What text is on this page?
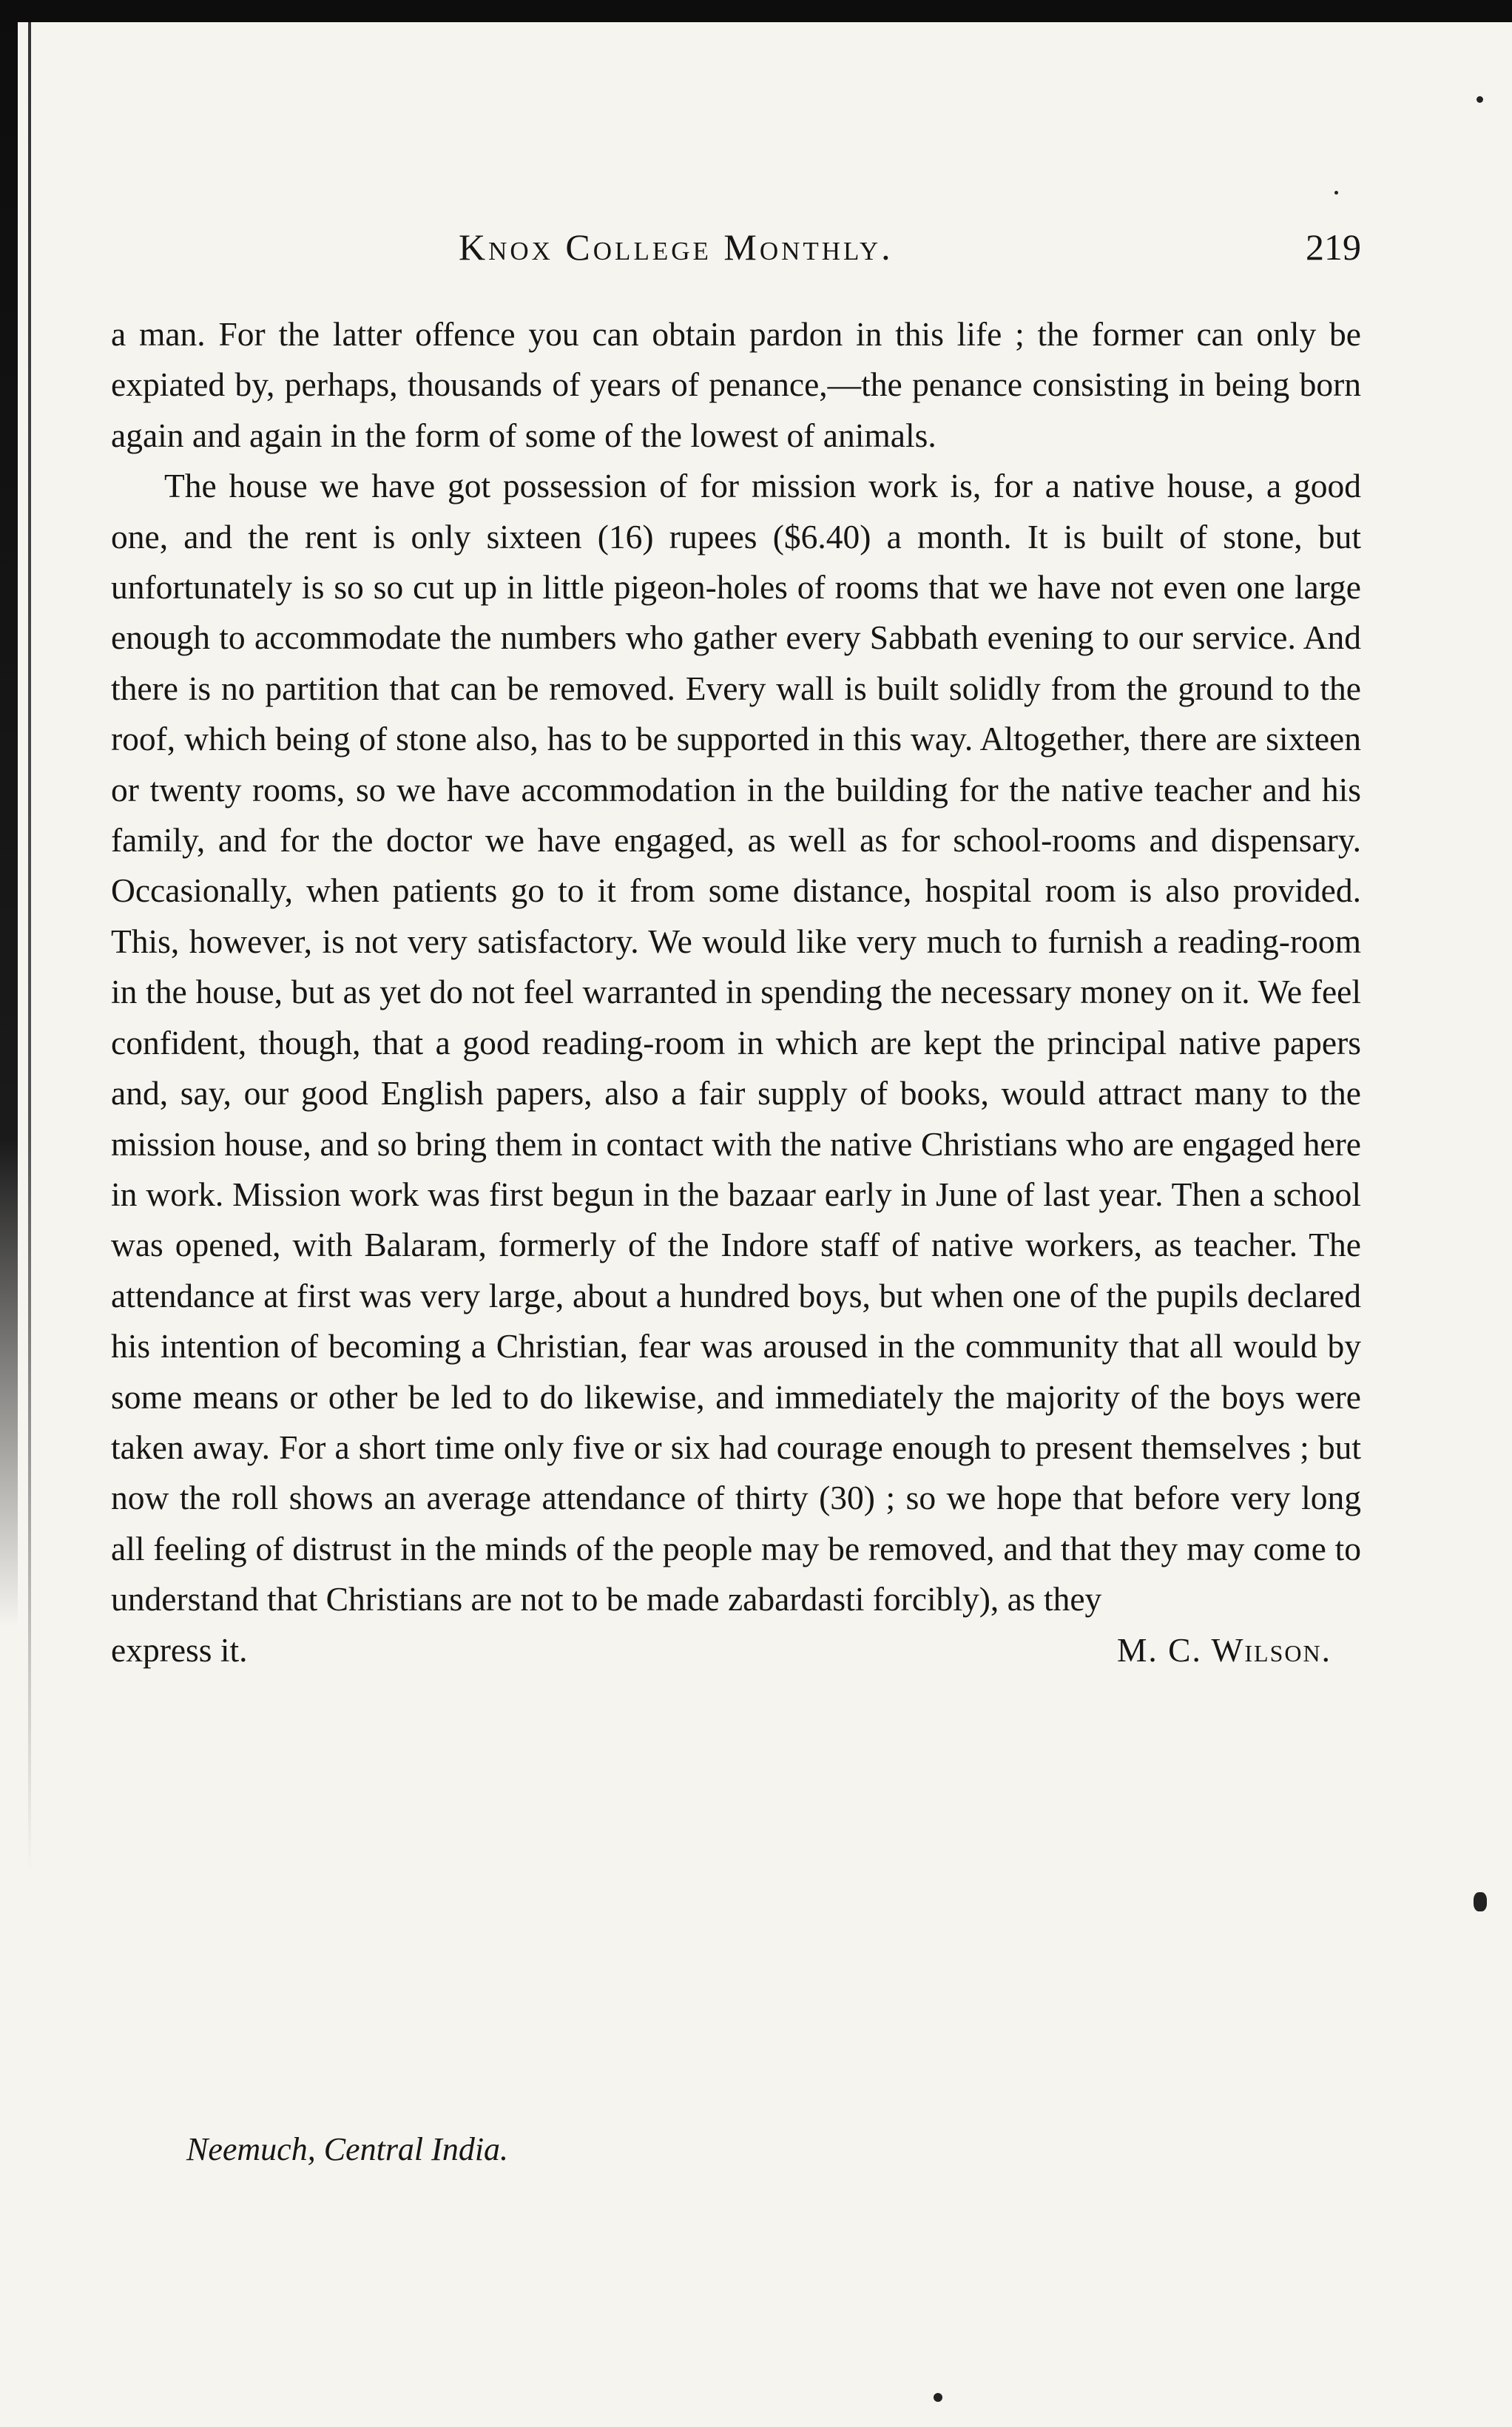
Knox College Monthly.	219

a man. For the latter offence you can obtain pardon in this life ; the former can only be expiated by, perhaps, thousands of years of penance,—the penance consisting in being born again and again in the form of some of the lowest of animals.

The house we have got possession of for mission work is, for a native house, a good one, and the rent is only sixteen (16) rupees ($6.40) a month. It is built of stone, but unfortunately is so so cut up in little pigeon-holes of rooms that we have not even one large enough to accommodate the numbers who gather every Sabbath evening to our service. And there is no partition that can be removed. Every wall is built solidly from the ground to the roof, which being of stone also, has to be supported in this way. Altogether, there are sixteen or twenty rooms, so we have accommodation in the building for the native teacher and his family, and for the doctor we have engaged, as well as for school-rooms and dispensary. Occasionally, when patients go to it from some distance, hospital room is also provided. This, however, is not very satisfactory. We would like very much to furnish a reading-room in the house, but as yet do not feel warranted in spending the necessary money on it. We feel confident, though, that a good reading-room in which are kept the principal native papers and, say, our good English papers, also a fair supply of books, would attract many to the mission house, and so bring them in contact with the native Christians who are engaged here in work. Mission work was first begun in the bazaar early in June of last year. Then a school was opened, with Balaram, formerly of the Indore staff of native workers, as teacher. The attendance at first was very large, about a hundred boys, but when one of the pupils declared his intention of becoming a Christian, fear was aroused in the community that all would by some means or other be led to do likewise, and immediately the majority of the boys were taken away. For a short time only five or six had courage enough to present themselves ; but now the roll shows an average attendance of thirty (30) ; so we hope that before very long all feeling of distrust in the minds of the people may be removed, and that they may come to understand that Christians are not to be made zabardasti forcibly), as they

express it.	M. C. Wilson.
Neemuch, Central India.
